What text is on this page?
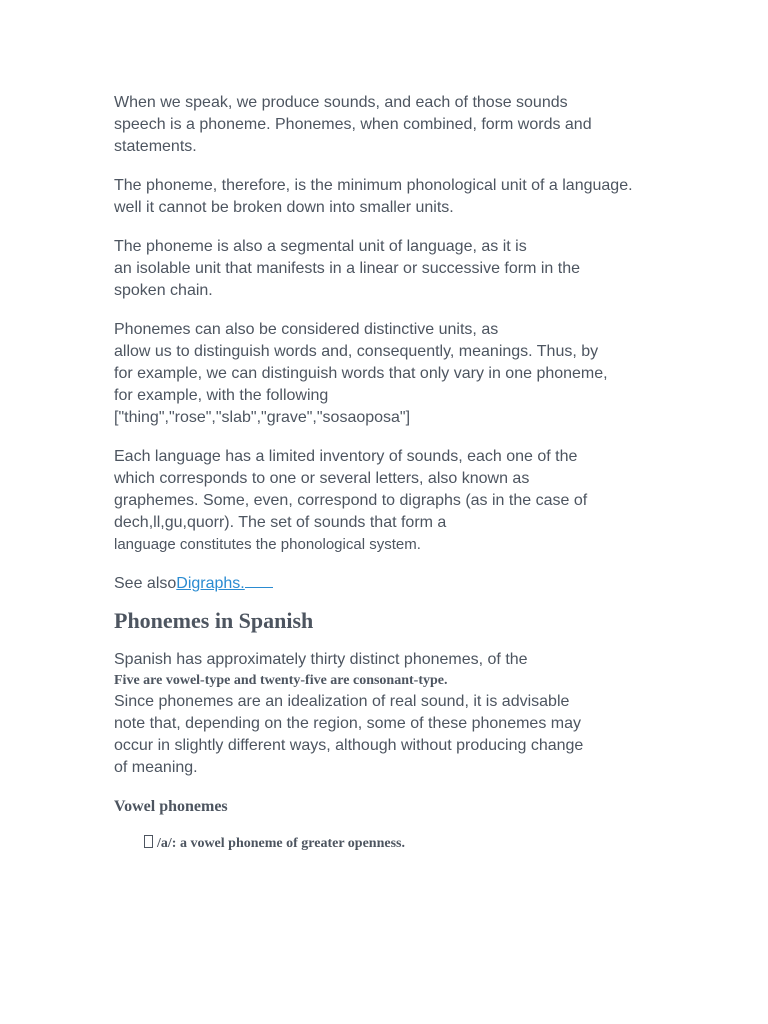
When we speak, we produce sounds, and each of those sounds
speech is a phoneme. Phonemes, when combined, form words and
statements.
The phoneme, therefore, is the minimum phonological unit of a language.
well it cannot be broken down into smaller units.
The phoneme is also a segmental unit of language, as it is
an isolable unit that manifests in a linear or successive form in the
spoken chain.
Phonemes can also be considered distinctive units, as
allow us to distinguish words and, consequently, meanings. Thus, by
for example, we can distinguish words that only vary in one phoneme,
for example, with the following
["thing","rose","slab","grave","sosaoposa"]
Each language has a limited inventory of sounds, each one of the
which corresponds to one or several letters, also known as
graphemes. Some, even, correspond to digraphs (as in the case of
dech,ll,gu,quorr). The set of sounds that form a
language constitutes the phonological system.
See alsoDigraphs.
Phonemes in Spanish
Spanish has approximately thirty distinct phonemes, of the
Five are vowel-type and twenty-five are consonant-type.
Since phonemes are an idealization of real sound, it is advisable
note that, depending on the region, some of these phonemes may
occur in slightly different ways, although without producing change
of meaning.
Vowel phonemes
/a/: a vowel phoneme of greater openness.
